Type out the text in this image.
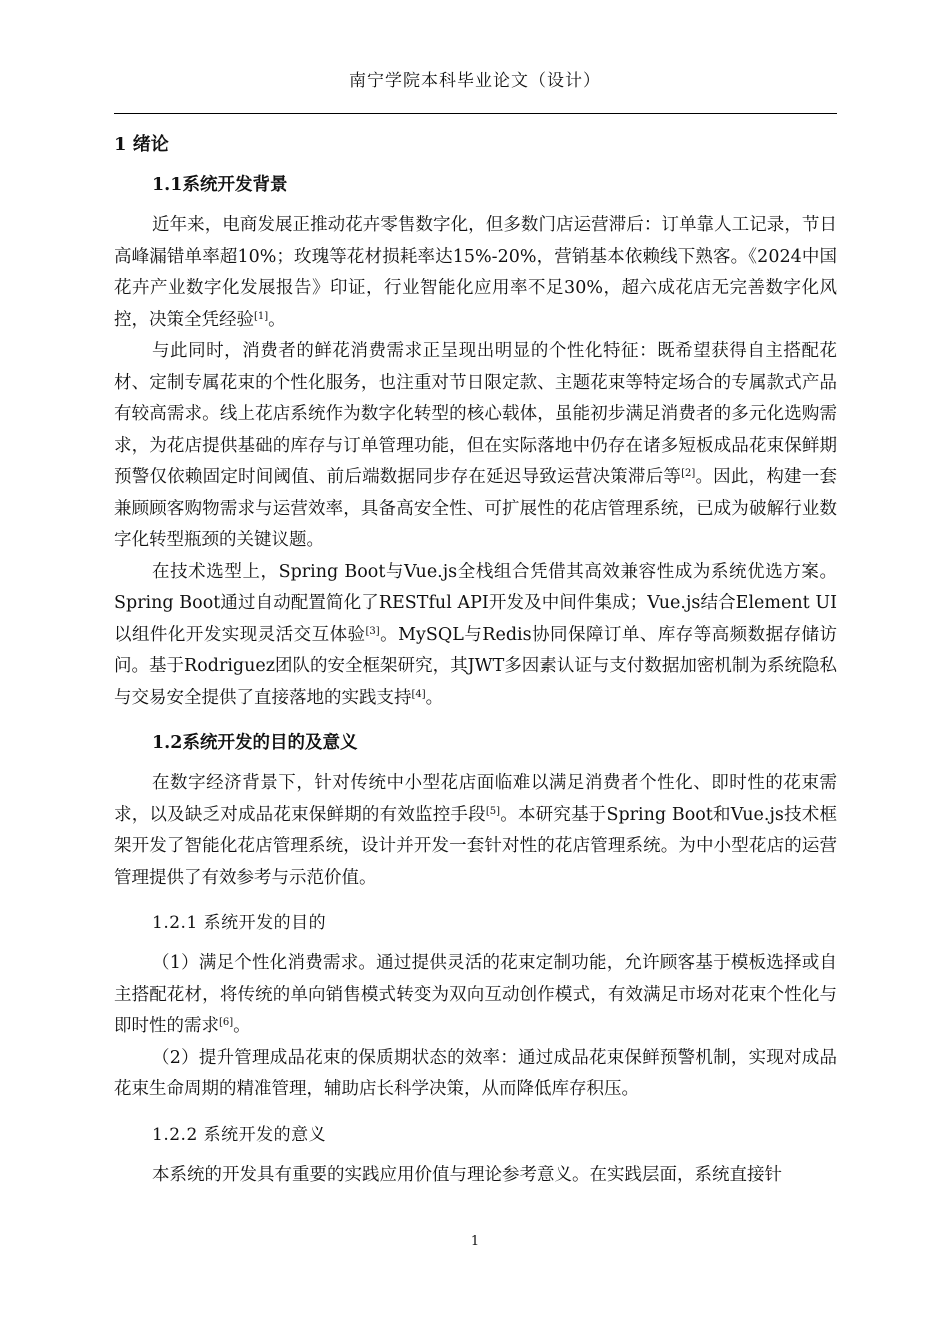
南宁学院本科毕业论文（设计）
1 绪论
1.1系统开发背景

近年来，电商发展正推动花卉零售数字化，但多数门店运营滞后：订单靠人工记录，节日高峰漏错单率超10%；玫瑰等花材损耗率达15%-20%，营销基本依赖线下熟客。《2024中国花卉产业数字化发展报告》印证，行业智能化应用率不足30%，超六成花店无完善数字化风控，决策全凭经验[1]。

与此同时，消费者的鲜花消费需求正呈现出明显的个性化特征：既希望获得自主搭配花材、定制专属花束的个性化服务，也注重对节日限定款、主题花束等特定场合的专属款式产品有较高需求。线上花店系统作为数字化转型的核心载体，虽能初步满足消费者的多元化选购需求，为花店提供基础的库存与订单管理功能，但在实际落地中仍存在诸多短板成品花束保鲜期预警仅依赖固定时间阈值、前后端数据同步存在延迟导致运营决策滞后等[2]。因此，构建一套兼顾顾客购物需求与运营效率，具备高安全性、可扩展性的花店管理系统，已成为破解行业数字化转型瓶颈的关键议题。

在技术选型上，Spring Boot与Vue.js全栈组合凭借其高效兼容性成为系统优选方案。Spring Boot通过自动配置简化了RESTful API开发及中间件集成；Vue.js结合Element UI以组件化开发实现灵活交互体验[3]。MySQL与Redis协同保障订单、库存等高频数据存储访问。基于Rodriguez团队的安全框架研究，其JWT多因素认证与支付数据加密机制为系统隐私与交易安全提供了直接落地的实践支持[4]。

1.2系统开发的目的及意义

在数字经济背景下，针对传统中小型花店面临难以满足消费者个性化、即时性的花束需求，以及缺乏对成品花束保鲜期的有效监控手段[5]。本研究基于Spring Boot和Vue.js技术框架开发了智能化花店管理系统，设计并开发一套针对性的花店管理系统。为中小型花店的运营管理提供了有效参考与示范价值。

1.2.1 系统开发的目的

（1）满足个性化消费需求。通过提供灵活的花束定制功能，允许顾客基于模板选择或自主搭配花材，将传统的单向销售模式转变为双向互动创作模式，有效满足市场对花束个性化与即时性的需求[6]。

（2）提升管理成品花束的保质期状态的效率：通过成品花束保鲜预警机制，实现对成品花束生命周期的精准管理，辅助店长科学决策，从而降低库存积压。

1.2.2 系统开发的意义

本系统的开发具有重要的实践应用价值与理论参考意义。在实践层面，系统直接针

1
